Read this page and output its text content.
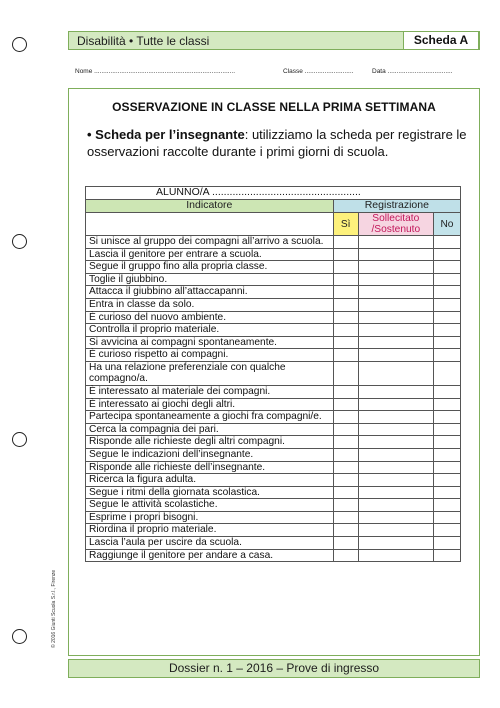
Disabilità • Tutte le classi	Scheda A
Nome ..............................................................................	Classe ...........................	Data ....................................
OSSERVAZIONE IN CLASSE NELLA PRIMA SETTIMANA
• Scheda per l’insegnante: utilizziamo la scheda per registrare le osservazioni raccolte durante i primi giorni di scuola.
ALUNNO/A ...................................................			
Indicatore	Registrazione		
	Sì	Sollecitato /Sostenuto	No
Si unisce al gruppo dei compagni all’arrivo a scuola.			
Lascia il genitore per entrare a scuola.			
Segue il gruppo fino alla propria classe.			
Toglie il giubbino.			
Attacca il giubbino all’attaccapanni.			
Entra in classe da solo.			
È curioso del nuovo ambiente.			
Controlla il proprio materiale.			
Si avvicina ai compagni spontaneamente.			
È curioso rispetto ai compagni.			
Ha una relazione preferenziale con qualche compagno/a.			
È interessato al materiale dei compagni.			
È interessato ai giochi degli altri.			
Partecipa spontaneamente a giochi fra compagni/e.			
Cerca la compagnia dei pari.			
Risponde alle richieste degli altri compagni.			
Segue le indicazioni dell’insegnante.			
Risponde alle richieste dell’insegnante.			
Ricerca la figura adulta.			
Segue i ritmi della giornata scolastica.			
Segue le attività scolastiche.			
Esprime i propri bisogni.			
Riordina il proprio materiale.			
Lascia l’aula per uscire da scuola.			
Raggiunge il genitore per andare a casa.			
© 2016 Giunti Scuola S.r.l., Firenze
Dossier n. 1 – 2016 – Prove di ingresso
